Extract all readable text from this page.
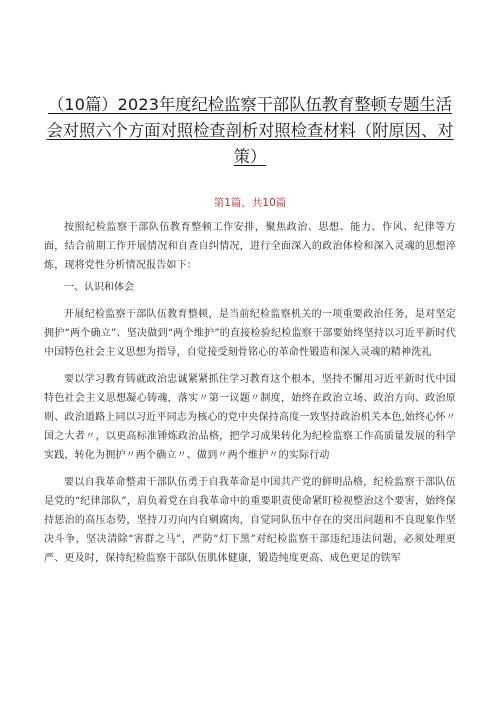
（10篇）2023年度纪检监察干部队伍教育整顿专题生活会对照六个方面对照检查剖析对照检查材料（附原因、对策）
第1篇，共10篇

按照纪检监察干部队伍教育整顿工作安排，聚焦政治、思想、能力、作风、纪律等方面，结合前期工作开展情况和自查自纠情况，进行全面深入的政治体检和深入灵魂的思想淬炼，现将党性分析情况报告如下：

一、认识和体会

开展纪检监察干部队伍教育整顿，是当前纪检监察机关的一项重要政治任务，是对坚定拥护“两个确立”、坚决做到“两个维护”的直接检验纪检监察干部要始终坚持以习近平新时代中国特色社会主义思想为指导，自觉接受刻骨铭心的革命性锻造和深入灵魂的精神洗礼

要以学习教育铸就政治忠诚紧紧抓住学习教育这个根本，坚持不懈用习近平新时代中国特色社会主义思想凝心铸魂，落实〃第一议题〃制度，始终在政治立场、政治方向、政治原则、政治道路上同以习近平同志为核心的党中央保持高度一致坚持政治机关本色,始终心怀〃国之大者〃，以更高标准锤炼政治品格，把学习成果转化为纪检监察工作高质量发展的科学实践，转化为拥护〃两个确立〃、做到〃两个维护〃的实际行动

要以自我革命整肃干部队伍勇于自我革命是中国共产党的鲜明品格，纪检监察干部队伍是党的“纪律部队”，肩负着党在自我革命中的重要职责使命紧盯检视整治这个要害，始终保持惩治的高压态势，坚持刀刃向内自剜腐肉，自觉同队伍中存在的突出问题和不良现象作坚决斗争，坚决清除“害群之马”，严防“灯下黑”对纪检监察干部违纪违法问题，必须处理更严、更及时，保持纪检监察干部队伍肌体健康，锻造纯度更高、成色更足的铁军
